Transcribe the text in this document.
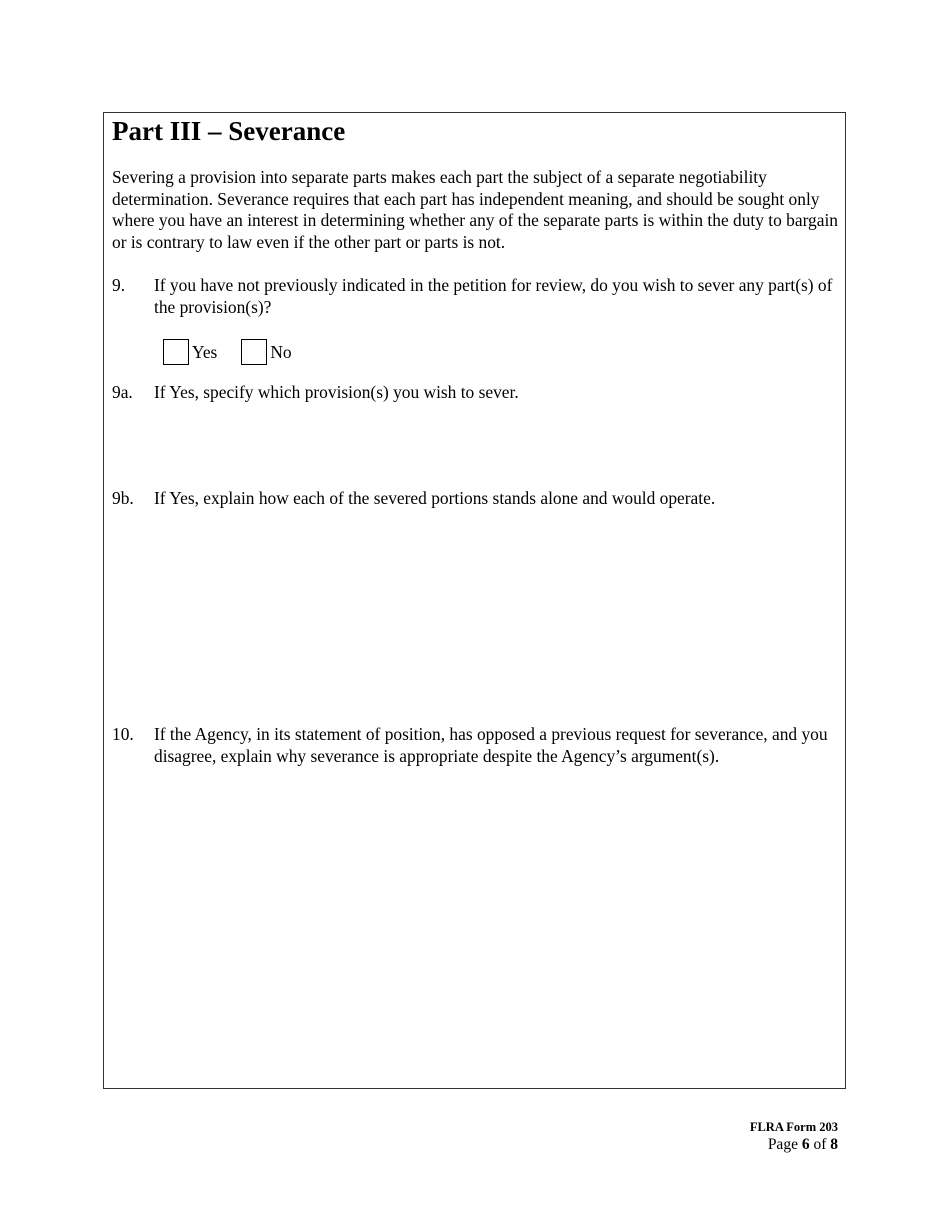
Part III – Severance

Severing a provision into separate parts makes each part the subject of a separate negotiability determination. Severance requires that each part has independent meaning, and should be sought only where you have an interest in determining whether any of the separate parts is within the duty to bargain or is contrary to law even if the other part or parts is not.

9. If you have not previously indicated in the petition for review, do you wish to sever any part(s) of the provision(s)?
Yes	No
9a. If Yes, specify which provision(s) you wish to sever.
9b. If Yes, explain how each of the severed portions stands alone and would operate.
10. If the Agency, in its statement of position, has opposed a previous request for severance, and you disagree, explain why severance is appropriate despite the Agency’s argument(s).
FLRA Form 203
Page 6 of 8
